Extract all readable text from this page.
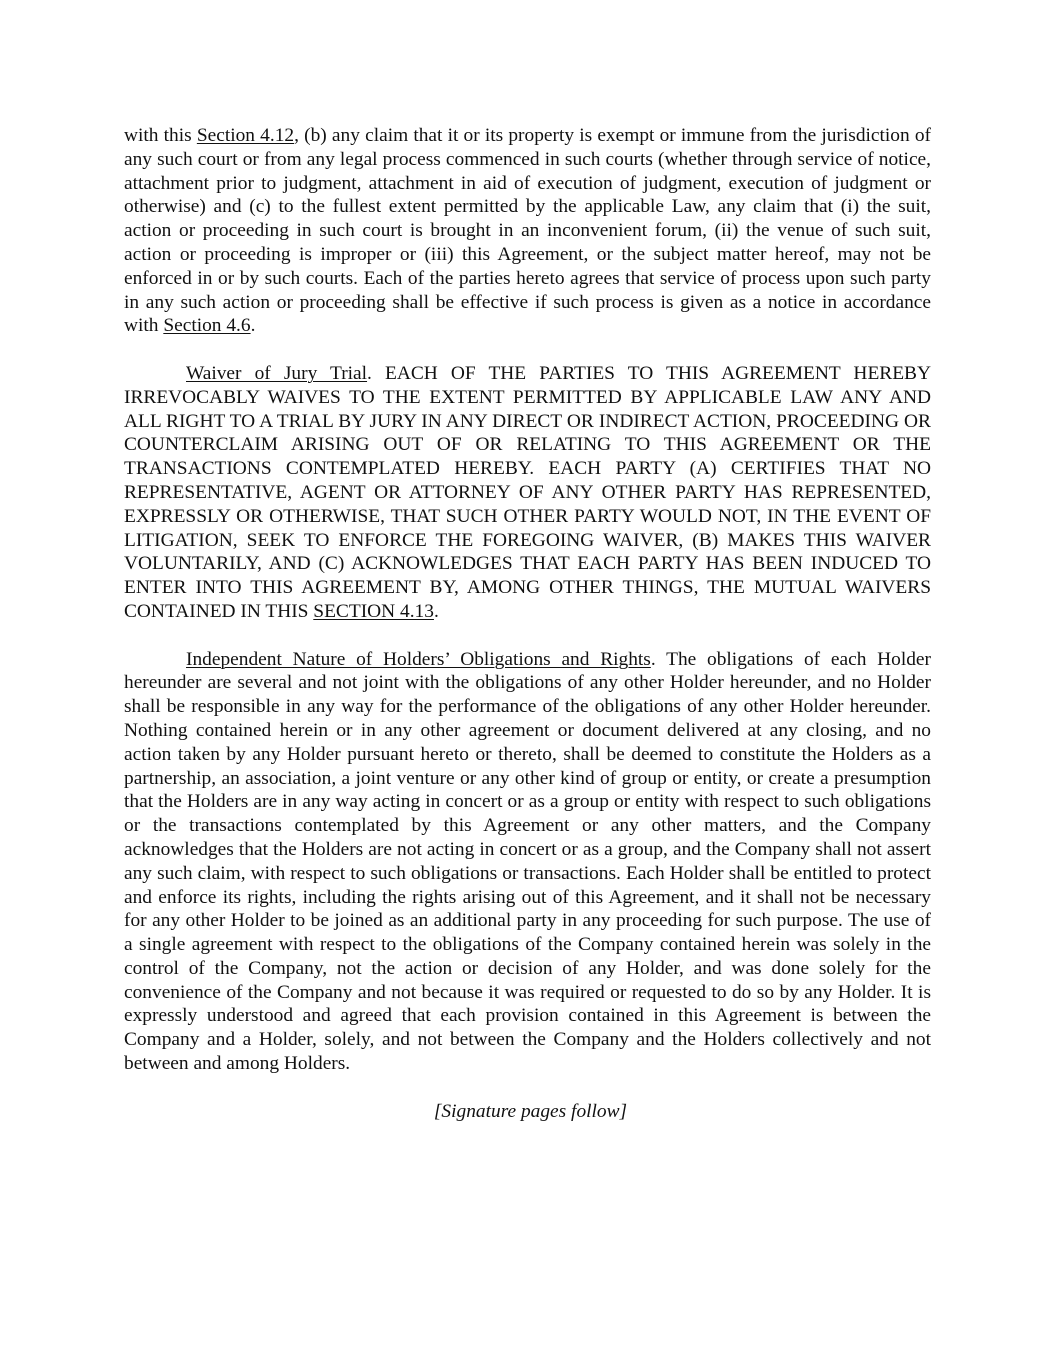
with this Section 4.12, (b) any claim that it or its property is exempt or immune from the jurisdiction of any such court or from any legal process commenced in such courts (whether through service of notice, attachment prior to judgment, attachment in aid of execution of judgment, execution of judgment or otherwise) and (c) to the fullest extent permitted by the applicable Law, any claim that (i) the suit, action or proceeding in such court is brought in an inconvenient forum, (ii) the venue of such suit, action or proceeding is improper or (iii) this Agreement, or the subject matter hereof, may not be enforced in or by such courts. Each of the parties hereto agrees that service of process upon such party in any such action or proceeding shall be effective if such process is given as a notice in accordance with Section 4.6.

Waiver of Jury Trial. EACH OF THE PARTIES TO THIS AGREEMENT HEREBY IRREVOCABLY WAIVES TO THE EXTENT PERMITTED BY APPLICABLE LAW ANY AND ALL RIGHT TO A TRIAL BY JURY IN ANY DIRECT OR INDIRECT ACTION, PROCEEDING OR COUNTERCLAIM ARISING OUT OF OR RELATING TO THIS AGREEMENT OR THE TRANSACTIONS CONTEMPLATED HEREBY. EACH PARTY (A) CERTIFIES THAT NO REPRESENTATIVE, AGENT OR ATTORNEY OF ANY OTHER PARTY HAS REPRESENTED, EXPRESSLY OR OTHERWISE, THAT SUCH OTHER PARTY WOULD NOT, IN THE EVENT OF LITIGATION, SEEK TO ENFORCE THE FOREGOING WAIVER, (B) MAKES THIS WAIVER VOLUNTARILY, AND (C) ACKNOWLEDGES THAT EACH PARTY HAS BEEN INDUCED TO ENTER INTO THIS AGREEMENT BY, AMONG OTHER THINGS, THE MUTUAL WAIVERS CONTAINED IN THIS SECTION 4.13.

Independent Nature of Holders’ Obligations and Rights. The obligations of each Holder hereunder are several and not joint with the obligations of any other Holder hereunder, and no Holder shall be responsible in any way for the performance of the obligations of any other Holder hereunder. Nothing contained herein or in any other agreement or document delivered at any closing, and no action taken by any Holder pursuant hereto or thereto, shall be deemed to constitute the Holders as a partnership, an association, a joint venture or any other kind of group or entity, or create a presumption that the Holders are in any way acting in concert or as a group or entity with respect to such obligations or the transactions contemplated by this Agreement or any other matters, and the Company acknowledges that the Holders are not acting in concert or as a group, and the Company shall not assert any such claim, with respect to such obligations or transactions. Each Holder shall be entitled to protect and enforce its rights, including the rights arising out of this Agreement, and it shall not be necessary for any other Holder to be joined as an additional party in any proceeding for such purpose. The use of a single agreement with respect to the obligations of the Company contained herein was solely in the control of the Company, not the action or decision of any Holder, and was done solely for the convenience of the Company and not because it was required or requested to do so by any Holder. It is expressly understood and agreed that each provision contained in this Agreement is between the Company and a Holder, solely, and not between the Company and the Holders collectively and not between and among Holders.

[Signature pages follow]
